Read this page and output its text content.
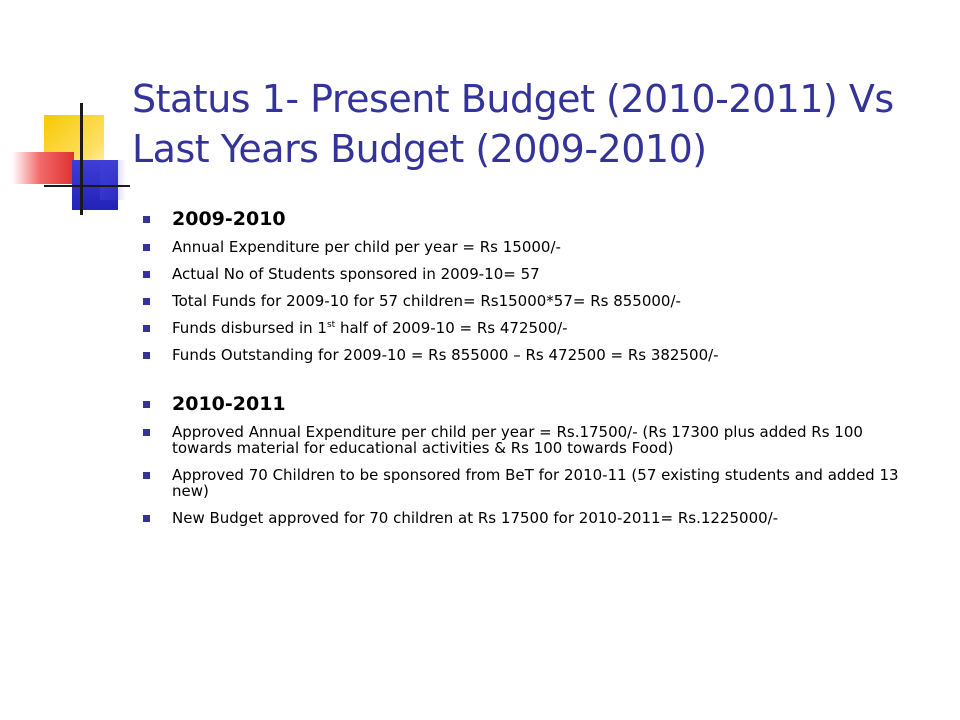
Status 1- Present Budget (2010-2011) Vs Last Years Budget (2009-2010)
2009-2010
Annual Expenditure per child per year = Rs 15000/-
Actual No of Students sponsored in 2009-10= 57
Total Funds for 2009-10 for 57 children= Rs15000*57= Rs 855000/-
Funds disbursed in 1st half of 2009-10 = Rs 472500/-
Funds Outstanding for 2009-10 = Rs 855000 – Rs 472500 = Rs 382500/-
2010-2011
Approved Annual Expenditure per child per year = Rs.17500/- (Rs 17300 plus added Rs 100 towards material for educational activities & Rs 100 towards Food)
Approved 70 Children to be sponsored from BeT for 2010-11 (57 existing students and added 13 new)
New Budget approved for 70 children at Rs 17500 for 2010-2011= Rs.1225000/-
